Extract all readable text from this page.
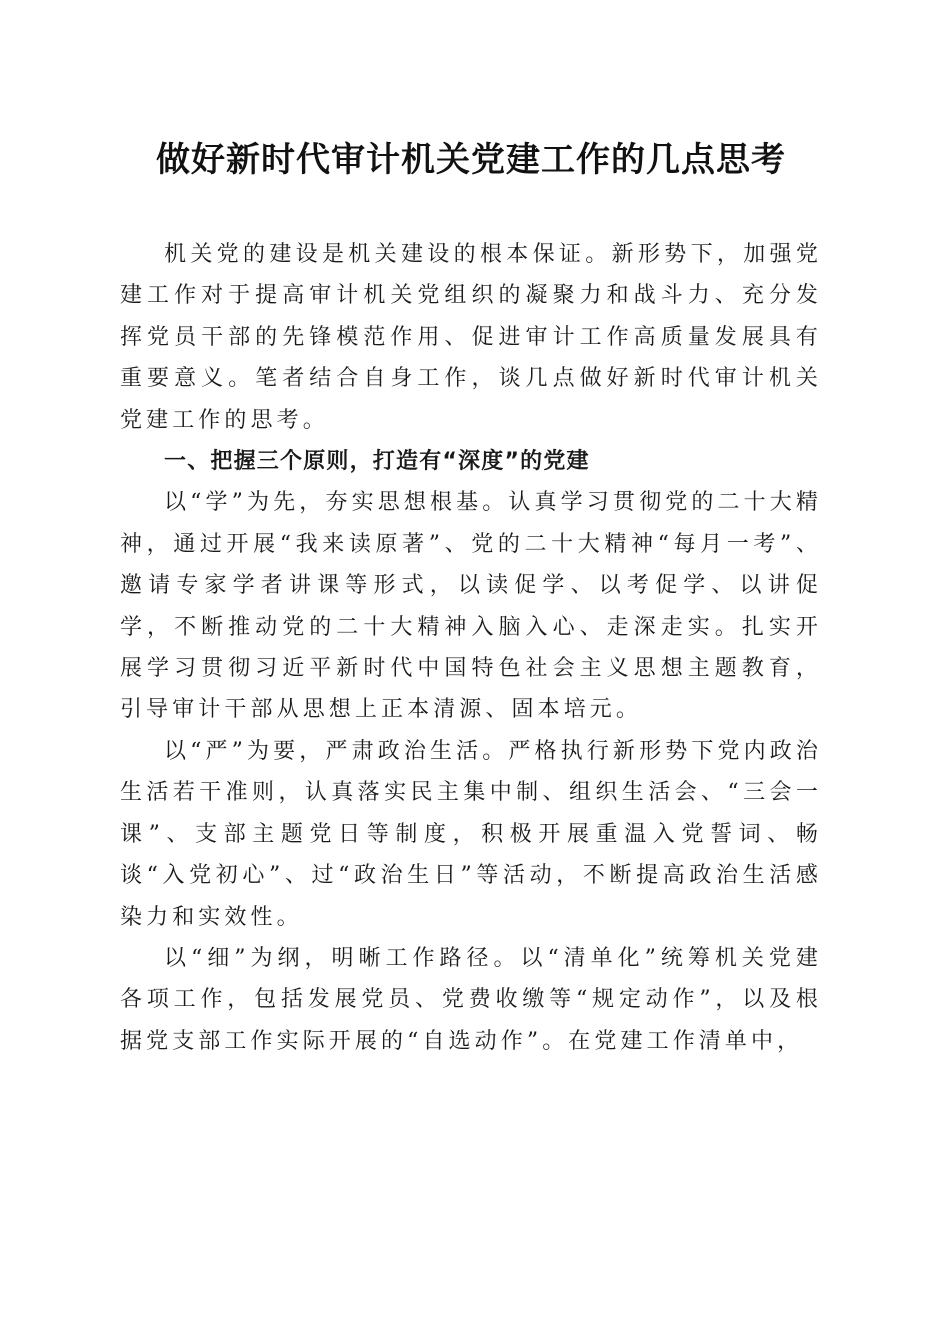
做好新时代审计机关党建工作的几点思考

机关党的建设是机关建设的根本保证。新形势下，加强党建工作对于提高审计机关党组织的凝聚力和战斗力、充分发挥党员干部的先锋模范作用、促进审计工作高质量发展具有重要意义。笔者结合自身工作，谈几点做好新时代审计机关党建工作的思考。

一、把握三个原则，打造有“深度”的党建

以“学”为先，夯实思想根基。认真学习贯彻党的二十大精神，通过开展“我来读原著”、党的二十大精神“每月一考”、邀请专家学者讲课等形式，以读促学、以考促学、以讲促学，不断推动党的二十大精神入脑入心、走深走实。扎实开展学习贯彻习近平新时代中国特色社会主义思想主题教育，引导审计干部从思想上正本清源、固本培元。

以“严”为要，严肃政治生活。严格执行新形势下党内政治生活若干准则，认真落实民主集中制、组织生活会、“三会一课”、支部主题党日等制度，积极开展重温入党誓词、畅谈“入党初心”、过“政治生日”等活动，不断提高政治生活感染力和实效性。

以“细”为纲，明晰工作路径。以“清单化”统筹机关党建各项工作，包括发展党员、党费收缴等“规定动作”，以及根据党支部工作实际开展的“自选动作”。在党建工作清单中，
